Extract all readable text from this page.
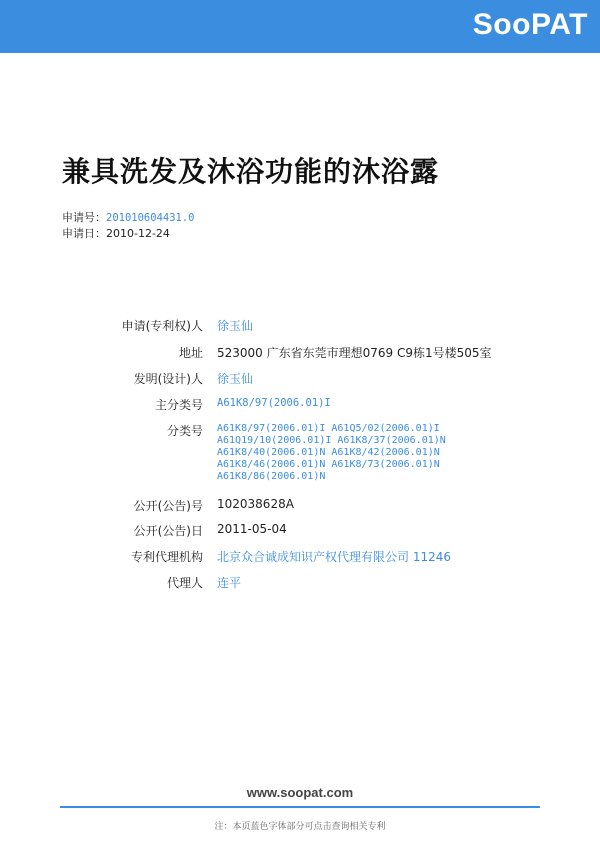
SooPAT
兼具洗发及沐浴功能的沐浴露
申请号：201010604431.0
申请日：2010-12-24
申请(专利权)人 徐玉仙
地址 523000 广东省东莞市理想0769 C9栋1号楼505室
发明(设计)人 徐玉仙
主分类号 A61K8/97(2006.01)I
分类号 A61K8/97(2006.01)I A61Q5/02(2006.01)I
A61Q19/10(2006.01)I A61K8/37(2006.01)N
A61K8/40(2006.01)N A61K8/42(2006.01)N
A61K8/46(2006.01)N A61K8/73(2006.01)N
A61K8/86(2006.01)N
公开(公告)号 102038628A
公开(公告)日 2011-05-04
专利代理机构 北京众合诚成知识产权代理有限公司 11246
代理人 连平
www.soopat.com
注：本页蓝色字体部分可点击查询相关专利
